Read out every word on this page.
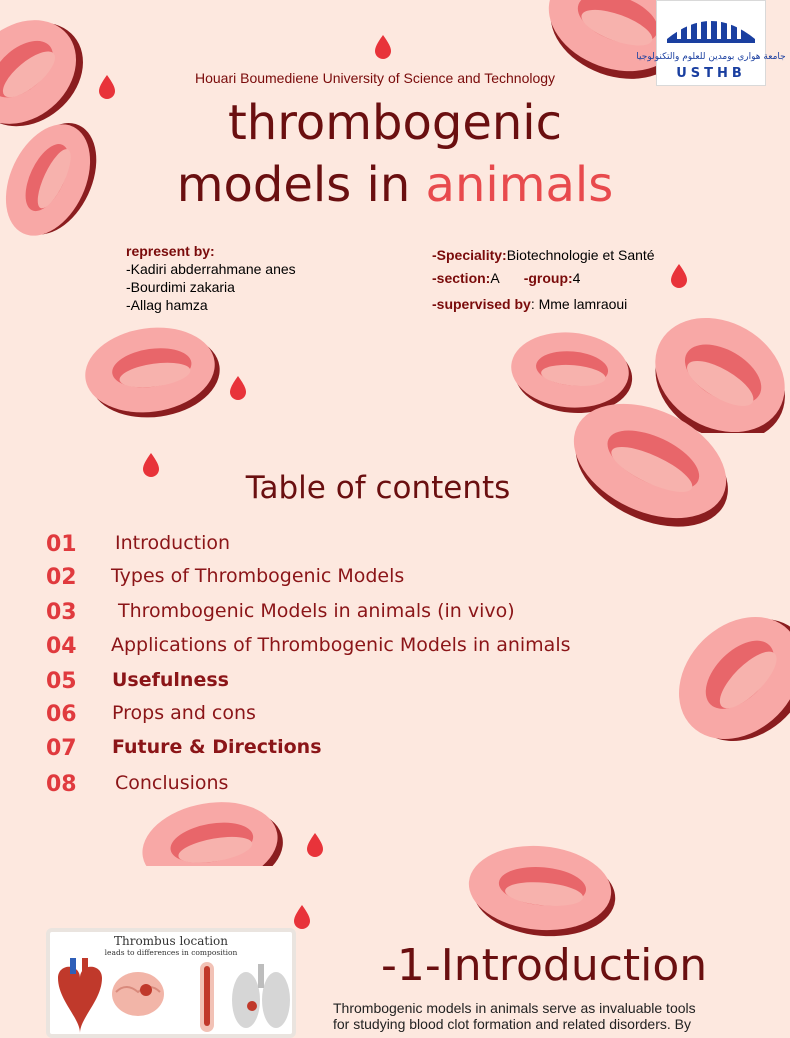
جامعة هواري بومدين للعلوم والتكنولوجيا
USTHB
Houari Boumediene University of Science and Technology
thrombogenic
models in animals
represent by:
-Kadiri abderrahmane anes
-Bourdimi zakaria
-Allag hamza
-Speciality:Biotechnologie et Santé
-section:A -group:4
-supervised by: Mme lamraoui
Table of contents
01 Introduction
02 Types of Thrombogenic Models
03 Thrombogenic Models in animals (in vivo)
04 Applications of Thrombogenic Models in animals
05 Usefulness
06 Props and cons
07 Future & Directions
08 Conclusions
Thrombus location
leads to differences in composition	-1-Introduction
Thrombogenic models in animals serve as invaluable tools
for studying blood clot formation and related disorders. By
